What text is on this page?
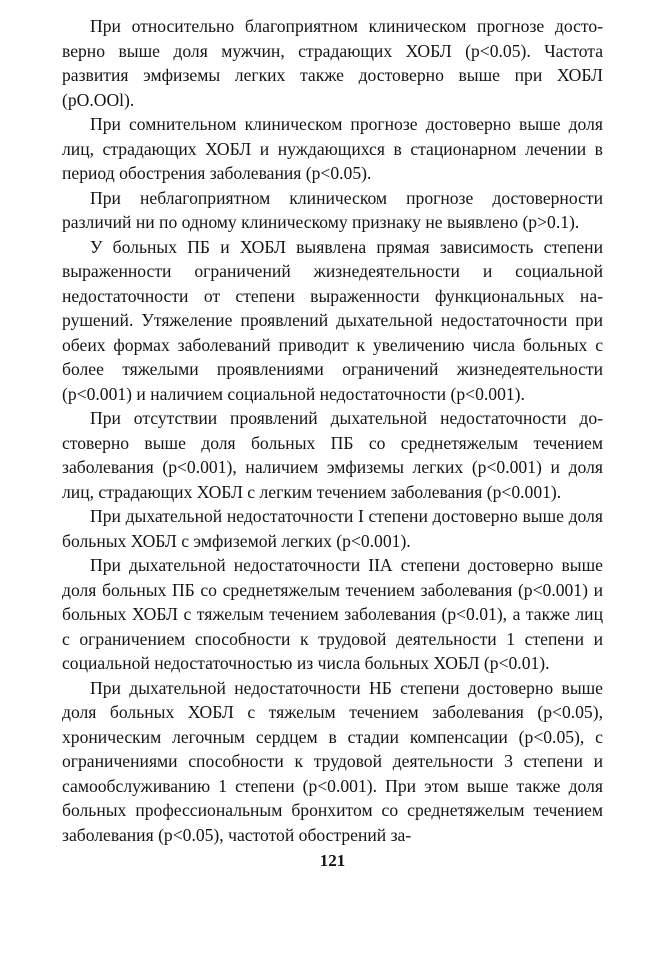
При относительно благоприятном клиническом прогнозе достоверно выше доля мужчин, страдающих ХОБЛ (р<0.05). Частота развития эмфиземы легких также достоверно выше при ХОБЛ (рО.ООl).

При сомнительном клиническом прогнозе достоверно выше доля лиц, страдающих ХОБЛ и нуждающихся в стационарном лечении в период обострения заболевания (р<0.05).

При неблагоприятном клиническом прогнозе достоверности различий ни по одному клиническому признаку не выявлено (р>0.1).

У больных ПБ и ХОБЛ выявлена прямая зависимость степени выраженности ограничений жизнедеятельности и социальной недостаточности от степени выраженности функциональных нарушений. Утяжеление проявлений дыхательной недостаточности при обеих формах заболеваний приводит к увеличению числа больных с более тяжелыми проявлениями ограничений жизнедеятельности (р<0.001) и наличием социальной недостаточности (р<0.001).

При отсутствии проявлений дыхательной недостаточности достоверно выше доля больных ПБ со среднетяжелым течением заболевания (р<0.001), наличием эмфиземы легких (р<0.001) и доля лиц, страдающих ХОБЛ с легким течением заболевания (р<0.001).

При дыхательной недостаточности I степени достоверно выше доля больных ХОБЛ с эмфиземой легких (р<0.001).

При дыхательной недостаточности IIА степени достоверно выше доля больных ПБ со среднетяжелым течением заболевания (р<0.001) и больных ХОБЛ с тяжелым течением заболевания (р<0.01), а также лиц с ограничением способности к трудовой деятельности 1 степени и социальной недостаточностью из числа больных ХОБЛ (р<0.01).

При дыхательной недостаточности НБ степени достоверно выше доля больных ХОБЛ с тяжелым течением заболевания (р<0.05), хроническим легочным сердцем в стадии компенсации (р<0.05), с ограничениями способности к трудовой деятельности 3 степени и самообслуживанию 1 степени (р<0.001). При этом выше также доля больных профессиональным бронхитом со среднетяжелым течением заболевания (р<0.05), частотой обострений за-

121
